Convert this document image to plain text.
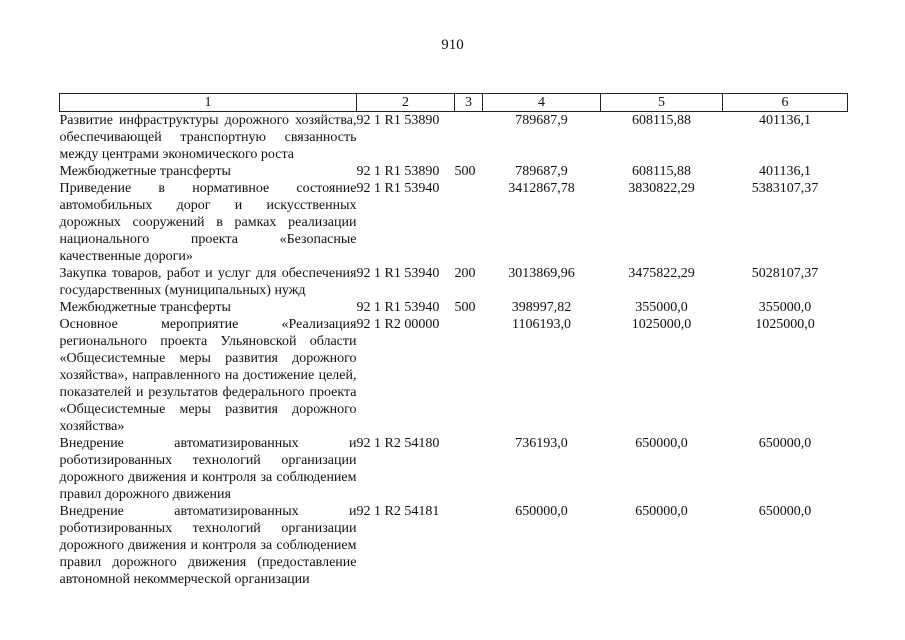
910
1	2	3	4	5	6
Развитие инфраструктуры дорожного хозяйства, обеспечивающей транспортную связанность между центрами экономического роста	92 1 R1 53890		789687,9	608115,88	401136,1
Межбюджетные трансферты	92 1 R1 53890	500	789687,9	608115,88	401136,1
Приведение в нормативное состояние автомобильных дорог и искусственных дорожных сооружений в рамках реализации национального проекта «Безопасные качественные дороги»	92 1 R1 53940		3412867,78	3830822,29	5383107,37
Закупка товаров, работ и услуг для обеспечения государственных (муниципальных) нужд	92 1 R1 53940	200	3013869,96	3475822,29	5028107,37
Межбюджетные трансферты	92 1 R1 53940	500	398997,82	355000,0	355000,0
Основное мероприятие «Реализация регионального проекта Ульяновской области «Общесистемные меры развития дорожного хозяйства», направленного на достижение целей, показателей и результатов федерального проекта «Общесистемные меры развития дорожного хозяйства»	92 1 R2 00000		1106193,0	1025000,0	1025000,0
Внедрение автоматизированных и роботизированных технологий организации дорожного движения и контроля за соблюдением правил дорожного движения	92 1 R2 54180		736193,0	650000,0	650000,0
Внедрение автоматизированных и роботизированных технологий организации дорожного движения и контроля за соблюдением правил дорожного движения (предоставление автономной некоммерческой организации	92 1 R2 54181		650000,0	650000,0	650000,0
